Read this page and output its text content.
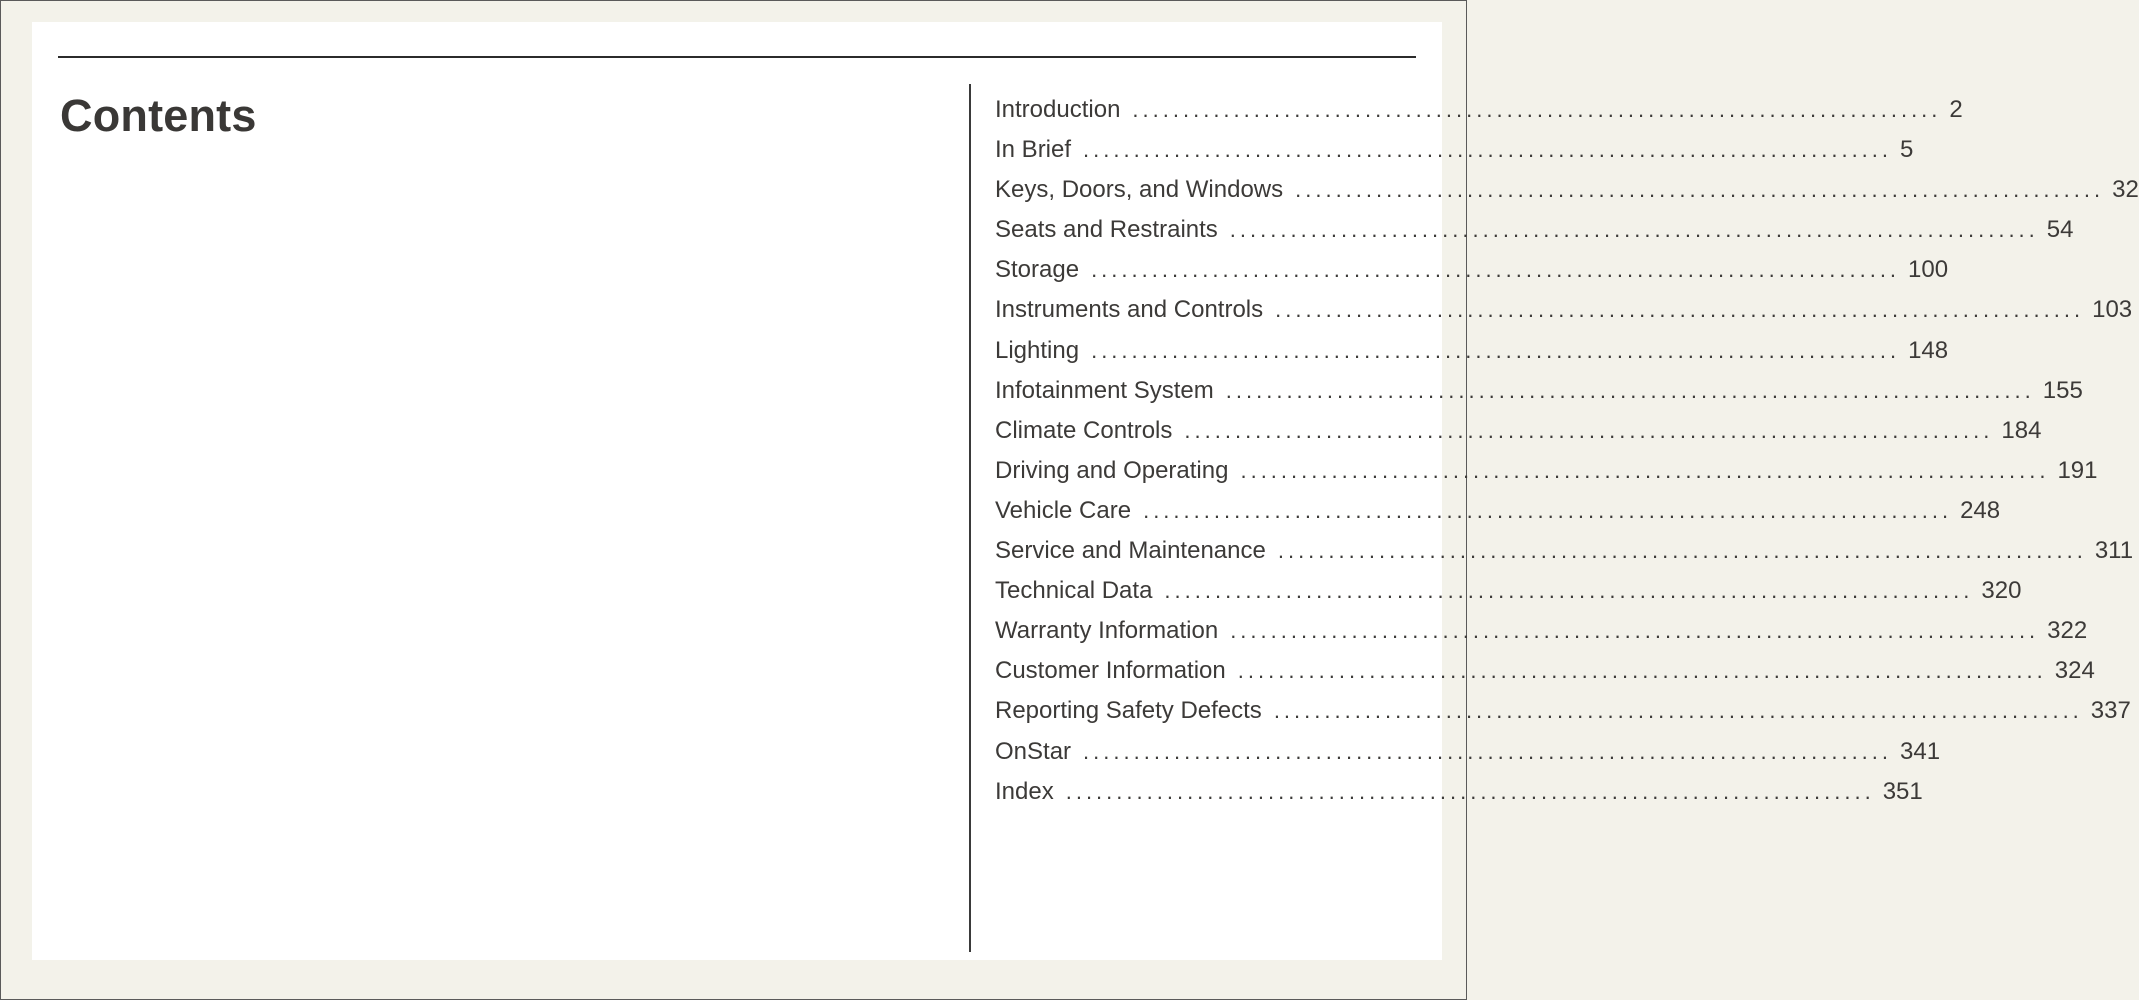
Contents	Introduction ................................................................................ 2
In Brief ................................................................................ 5
Keys, Doors, and Windows ................................................................................ 32
Seats and Restraints ................................................................................ 54
Storage ................................................................................ 100
Instruments and Controls ................................................................................ 103
Lighting ................................................................................ 148
Infotainment System ................................................................................ 155
Climate Controls ................................................................................ 184
Driving and Operating ................................................................................ 191
Vehicle Care ................................................................................ 248
Service and Maintenance ................................................................................ 311
Technical Data ................................................................................ 320
Warranty Information ................................................................................ 322
Customer Information ................................................................................ 324
Reporting Safety Defects ................................................................................ 337
OnStar ................................................................................ 341
Index ................................................................................ 351
